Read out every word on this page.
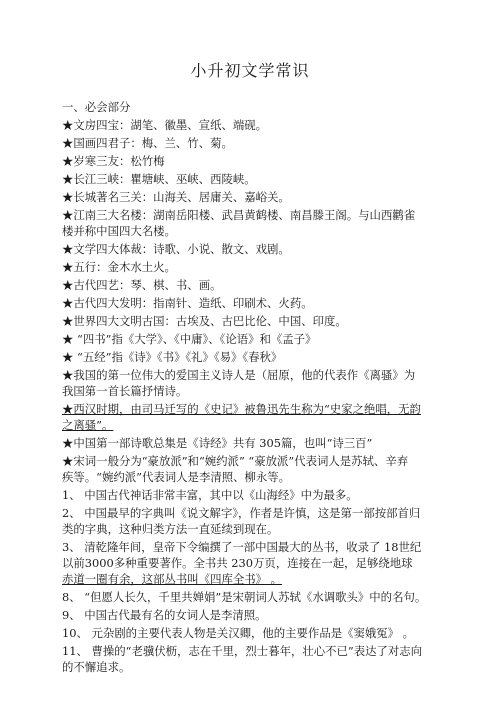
小升初文学常识
一、必会部分
★文房四宝：湖笔、徽墨、宣纸、端砚。
★国画四君子：梅、兰、竹、菊。
★岁寒三友：松竹梅
★长江三峡：瞿塘峡、巫峡、西陵峡。
★长城著名三关：山海关、居庸关、嘉峪关。
★江南三大名楼：湖南岳阳楼、武昌黄鹤楼、南昌滕王阁。与山西鹳雀
楼并称中国四大名楼。
★文学四大体裁：诗歌、小说、散文、戏剧。
★五行：金木水土火。
★古代四艺：琴、棋、书、画。
★古代四大发明：指南针、造纸、印刷术、火药。
★世界四大文明古国：古埃及、古巴比伦、中国、印度。
★ “四书”指《大学》、《中庸》、《论语》和《孟子》
★ “五经”指《诗》《书》《礼》《易》《春秋》
★我国的第一位伟大的爱国主义诗人是（屈原，他的代表作《离骚》为
我国第一首长篇抒情诗。
★西汉时期，由司马迁写的《史记》被鲁迅先生称为“史家之绝唱，无韵
之离骚”。
★中国第一部诗歌总集是《诗经》共有 305篇，也叫“诗三百”
★宋词一般分为“豪放派”和“婉约派” “豪放派”代表词人是苏轼、辛弃
疾等。“婉约派”代表词人是李清照、柳永等。
1、 中国古代神话非常丰富，其中以《山海经》中为最多。
2、 中国最早的字典叫《说文解字》，作者是许慎，这是第一部按部首归
类的字典，这种归类方法一直延续到现在。
3、 清乾隆年间，皇帝下令编撰了一部中国最大的丛书，收录了 18世纪
以前3000多种重要著作。全书共 230万页，连接在一起，足够绕地球
赤道一圈有余，这部丛书叫《四库全书》 。
8、 “但愿人长久，千里共婵娟”是宋朝词人苏轼《水调歌头》中的名句。
9、 中国古代最有名的女词人是李清照。
10、 元杂剧的主要代表人物是关汉卿，他的主要作品是《窦娥冤》 。
11、 曹操的“老骥伏枥，志在千里，烈士暮年，壮心不已”表达了对志向
的不懈追求。
